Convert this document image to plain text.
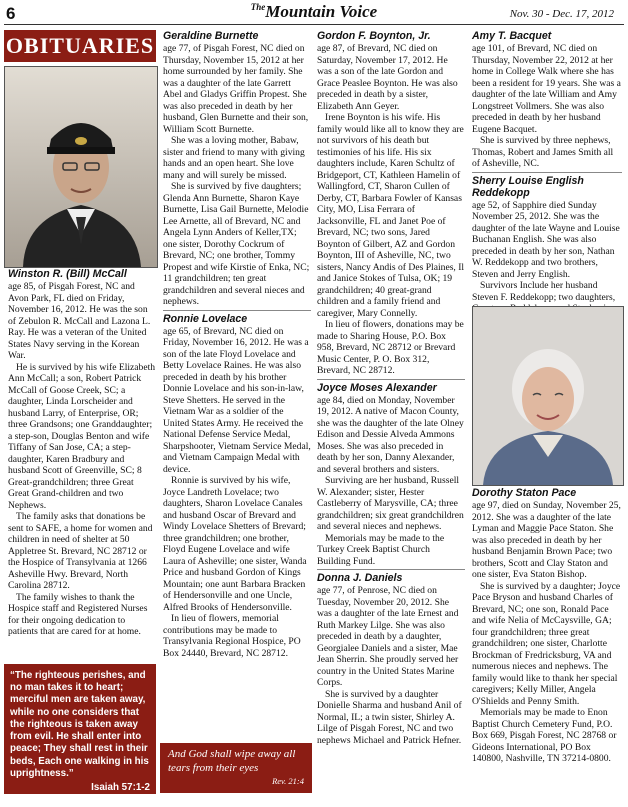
6	$^{The}$Mountain Voice	Nov. 30 - Dec. 17, 2012
OBITUARIES
Winston R. (Bill) McCall

age 85, of Pisgah Forest, NC and Avon Park, FL died on Friday, November 16, 2012. He was the son of Zebulon R. McCall and Lazona L. Ray. He was a veteran of the United States Navy serving in the Korean War.

He is survived by his wife Elizabeth Ann McCall; a son, Robert Patrick McCall of Goose Creek, SC; a daughter, Linda Lorscheider and husband Larry, of Enterprise, OR; three Grandsons; one Granddaughter; a step-son, Douglas Benton and wife Tiffany of San Jose, CA; a step-daughter, Karen Bradbury and husband Scott of Greenville, SC; 8 Great-grandchildren; three Great Great Grand-children and two Nephews.

The family asks that donations be sent to SAFE, a home for women and children in need of shelter at 50 Appletree St. Brevard, NC 28712 or the Hospice of Transylvania at 1266 Asheville Hwy. Brevard, North Carolina 28712.

The family wishes to thank the Hospice staff and Registered Nurses for their ongoing dedication to patients that are cared for at home.

“The righteous perishes, and no man takes it to heart; merciful men are taken away, while no one considers that the righteous is taken away from evil. He shall enter into peace; They shall rest in their beds, Each one walking in his uprightness.”
Isaiah 57:1-2
New King James Version
Geraldine Burnette

age 77, of Pisgah Forest, NC died on Thursday, November 15, 2012 at her home surrounded by her family. She was a daughter of the late Garrett Abel and Gladys Griffin Propest. She was also preceded in death by her husband, Glen Burnette and their son, William Scott Burnette.

She was a loving mother, Babaw, sister and friend to many with giving hands and an open heart. She love many and will surely be missed.

She is survived by five daughters; Glenda Ann Burnette, Sharon Kaye Burnette, Lisa Gail Burnette, Melodie Lee Arnette, all of Brevard, NC and Angela Lynn Anders of Keller,TX; one sister, Dorothy Cockrum of Brevard, NC; one brother, Tommy Propest and wife Kirstie of Enka, NC; 11 grandchildren; ten great grandchildren and several nieces and nephews.

Ronnie Lovelace

age 65, of Brevard, NC died on Friday, November 16, 2012. He was a son of the late Floyd Lovelace and Betty Lovelace Raines. He was also preceded in death by his brother Donnie Lovelace and his son-in-law, Steve Shetters. He served in the Vietnam War as a soldier of the United States Army. He received the National Defense Service Medal, Sharpshooter, Vietnam Service Medal, and Vietnam Campaign Medal with device.

Ronnie is survived by his wife, Joyce Landreth Lovelace; two daughters, Sharon Lovelace Canales and husband Oscar of Brevard and Windy Lovelace Shetters of Brevard; three grandchildren; one brother, Floyd Eugene Lovelace and wife Laura of Asheville; one sister, Wanda Price and husband Gordon of Kings Mountain; one aunt Barbara Bracken of Hendersonville and one Uncle, Alfred Brooks of Hendersonville.

In lieu of flowers, memorial contributions may be made to Transylvania Regional Hospice, PO Box 24440, Brevard, NC 28712.

And God shall wipe away all tears from their eyes
Rev. 21:4
Gordon F. Boynton, Jr.

age 87, of Brevard, NC died on Saturday, November 17, 2012. He was a son of the late Gordon and Grace Peaslee Boynton. He was also preceded in death by a sister, Elizabeth Ann Geyer.

Irene Boynton is his wife. His family would like all to know they are not survivors of his death but testimonies of his life. His six daughters include, Karen Schultz of Bridgeport, CT, Kathleen Hamelin of Wallingford, CT, Sharon Cullen of Derby, CT, Barbara Fowler of Kansas City, MO, Lisa Ferrara of Jacksonville, FL and Janet Poe of Brevard, NC; two sons, Jared Boynton of Gilbert, AZ and Gordon Boynton, III of Asheville, NC, two sisters, Nancy Andis of Des Plaines, Il and Janice Stokes of Tulsa, OK; 19 grandchildren; 40 great-grand children and a family friend and caregiver, Mary Connelly.

In lieu of flowers, donations may be made to Sharing House, P.O. Box 958, Brevard, NC 28712 or Brevard Music Center, P. O. Box 312, Brevard, NC 28712.

Joyce Moses Alexander

age 84, died on Monday, November 19, 2012. A native of Macon County, she was the daughter of the late Olney Edison and Dessie Alveda Ammons Moses. She was also preceded in death by her son, Danny Alexander, and several brothers and sisters.

Surviving are her husband, Russell W. Alexander; sister, Hester Castleberry of Marysville, CA; three grandchildren; six great grandchildren and several nieces and nephews.

Memorials may be made to the Turkey Creek Baptist Church Building Fund.

Donna J. Daniels

age 77, of Penrose, NC died on Tuesday, November 20, 2012. She was a daughter of the late Ernest and Ruth Markey Lilge. She was also preceded in death by a daughter, Georgialee Daniels and a sister, Mae Jean Sherrin. She proudly served her country in the United States Marine Corps.

She is survived by a daughter Donielle Sharma and husband Anil of Normal, IL; a twin sister, Shirley A. Lilge of Pisgah Forest, NC and two nephews Michael and Patrick Hefner.

Amy T. Bacquet

age 101, of Brevard, NC died on Thursday, November 22, 2012 at her home in College Walk where she has been a resident for 19 years. She was a daughter of the late William and Amy Longstreet Vollmers. She was also preceded in death by her husband Eugene Bacquet.

She is survived by three nephews, Thomas, Robert and James Smith all of Asheville, NC.

Sherry Louise English Reddekopp

age 52, of Sapphire died Sunday November 25, 2012. She was the daughter of the late Wayne and Louise Buchanan English. She was also preceded in death by her son, Nathan W. Reddekopp and two brothers, Steven and Jerry English.

Survivors Include her husband Steven F. Reddekopp; two daughters,

Dorothy Staton Pace

age 97, died on Sunday, November 25, 2012. She was a daughter of the late Lyman and Maggie Pace Staton. She was also preceded in death by her husband Benjamin Brown Pace; two brothers, Scott and Clay Staton and one sister, Eva Staton Bishop.

She is survived by a daughter; Joyce Pace Bryson and husband Charles of Brevard, NC; one son, Ronald Pace and wife Nelia of McCaysville, GA; four grandchildren; three great grandchildren; one sister, Charlotte Brockman of Fredricksburg, VA and numerous nieces and nephews. The family would like to thank her special caregivers; Kelly Miller, Angela O'Shields and Penny Smith.

Memorials may be made to Enon Baptist Church Cemetery Fund, P.O. Box 669, Pisgah Forest, NC 28768 or Gideons International, PO Box 140800, Nashville, TN 37214-0800.
